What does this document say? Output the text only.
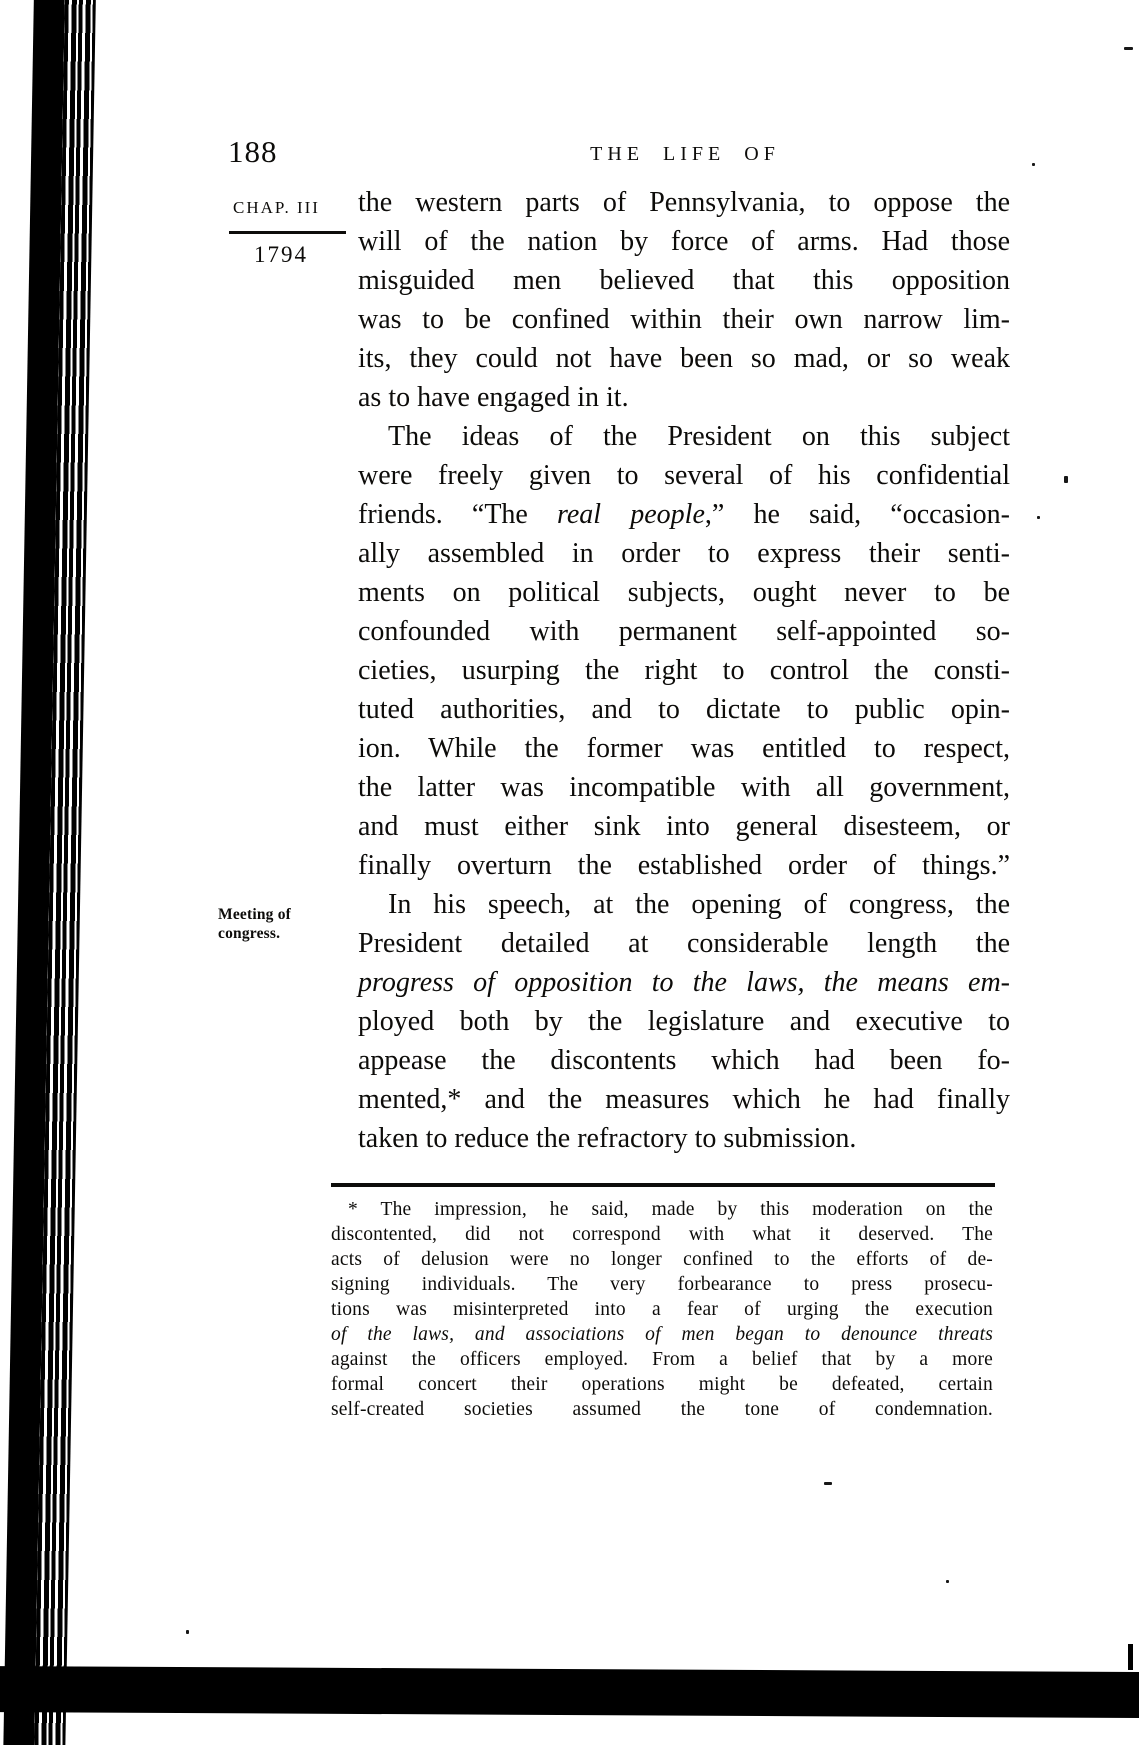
188	THE LIFE OF
CHAP. III
1794
Meeting of congress.
the western parts of Pennsylvania, to oppose the
will of the nation by force of arms. Had those
misguided men believed that this opposition
was to be confined within their own narrow lim-
its, they could not have been so mad, or so weak
as to have engaged in it.
The ideas of the President on this subject
were freely given to several of his confidential
friends. “The real people,” he said, “occasion-
ally assembled in order to express their senti-
ments on political subjects, ought never to be
confounded with permanent self-appointed so-
cieties, usurping the right to control the consti-
tuted authorities, and to dictate to public opin-
ion. While the former was entitled to respect,
the latter was incompatible with all government,
and must either sink into general disesteem, or
finally overturn the established order of things.”
In his speech, at the opening of congress, the
President detailed at considerable length the
progress of opposition to the laws, the means em-
ployed both by the legislature and executive to
appease the discontents which had been fo-
mented,* and the measures which he had finally
taken to reduce the refractory to submission.
* The impression, he said, made by this moderation on the
discontented, did not correspond with what it deserved. The
acts of delusion were no longer confined to the efforts of de-
signing individuals. The very forbearance to press prosecu-
tions was misinterpreted into a fear of urging the execution
of the laws, and associations of men began to denounce threats
against the officers employed. From a belief that by a more
formal concert their operations might be defeated, certain
self-created societies assumed the tone of condemnation.
